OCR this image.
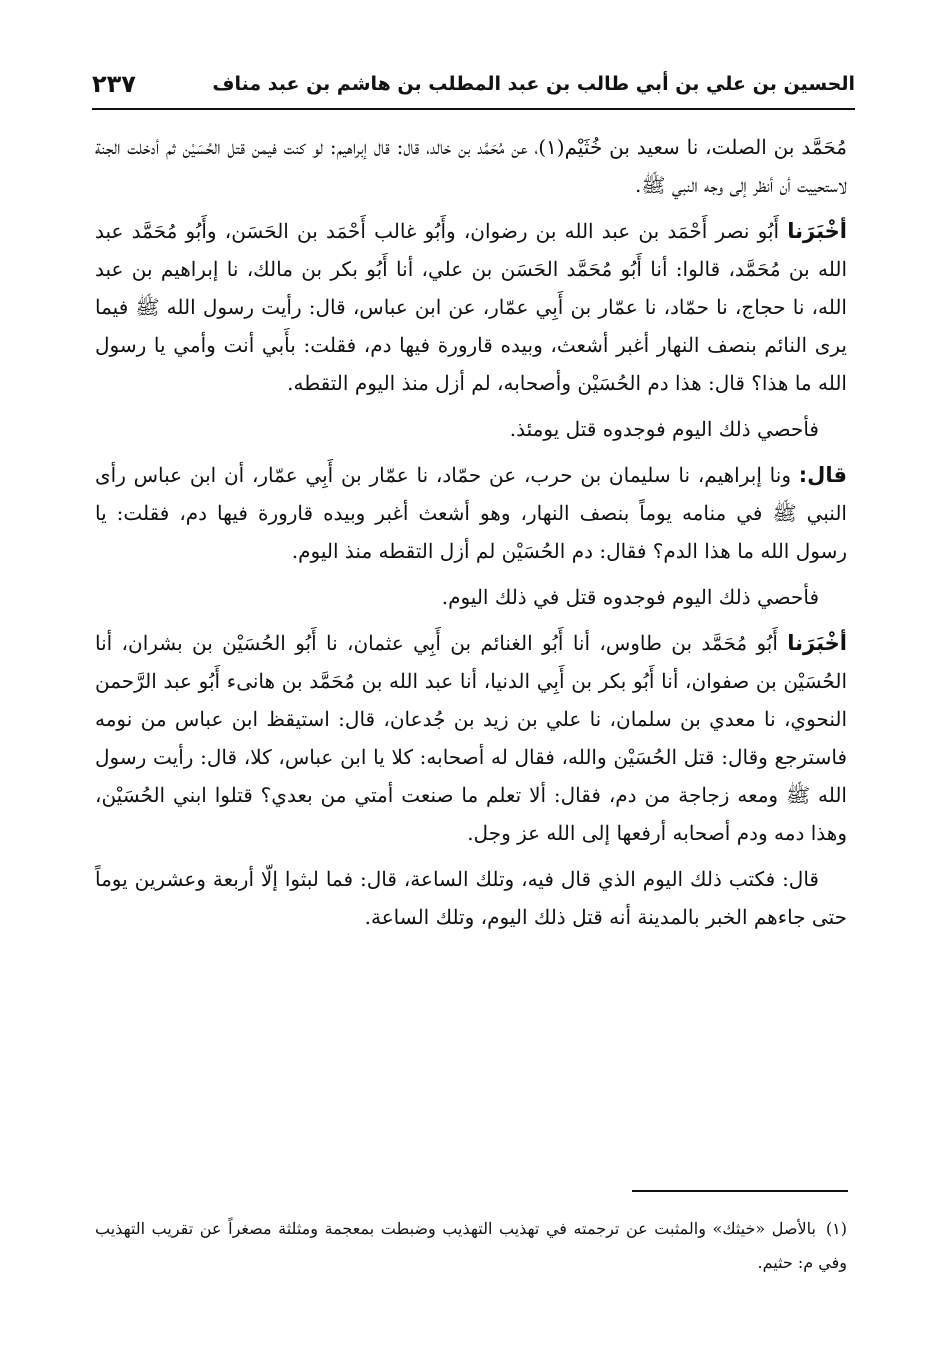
الحسين بن علي بن أبي طالب بن عبد المطلب بن هاشم بن عبد مناف
٢٣٧

مُحَمَّد بن الصلت، نا سعيد بن خُثَيْم(١)، عن مُحَمَّد بن خالد، قال: قال إبراهيم: لو كنت فيمن قتل الحُسَيْن ثم أدخلت الجنة لاستحييت أن أنظر إلى وجه النبي ﷺ.

أخْبَرَنا أَبُو نصر أَحْمَد بن عبد الله بن رضوان، وأَبُو غالب أَحْمَد بن الحَسَن، وأَبُو مُحَمَّد عبد الله بن مُحَمَّد، قالوا: أنا أَبُو مُحَمَّد الحَسَن بن علي، أنا أَبُو بكر بن مالك، نا إبراهيم بن عبد الله، نا حجاج، نا حمّاد، نا عمّار بن أَبِي عمّار، عن ابن عباس، قال: رأيت رسول الله ﷺ فيما يرى النائم بنصف النهار أغبر أشعث، وبيده قارورة فيها دم، فقلت: بأَبي أنت وأمي يا رسول الله ما هذا؟ قال: هذا دم الحُسَيْن وأصحابه، لم أزل منذ اليوم التقطه.

فأحصي ذلك اليوم فوجدوه قتل يومئذ.

قال: ونا إبراهيم، نا سليمان بن حرب، عن حمّاد، نا عمّار بن أَبِي عمّار، أن ابن عباس رأى النبي ﷺ في منامه يوماً بنصف النهار، وهو أشعث أغبر وبيده قارورة فيها دم، فقلت: يا رسول الله ما هذا الدم؟ فقال: دم الحُسَيْن لم أزل التقطه منذ اليوم.

فأحصي ذلك اليوم فوجدوه قتل في ذلك اليوم.

أخْبَرَنا أَبُو مُحَمَّد بن طاوس، أنا أَبُو الغنائم بن أَبِي عثمان، نا أَبُو الحُسَيْن بن بشران، أنا الحُسَيْن بن صفوان، أنا أَبُو بكر بن أَبِي الدنيا، أنا عبد الله بن مُحَمَّد بن هانىء أَبُو عبد الرَّحمن النحوي، نا معدي بن سلمان، نا علي بن زيد بن جُدعان، قال: استيقظ ابن عباس من نومه فاسترجع وقال: قتل الحُسَيْن والله، فقال له أصحابه: كلا يا ابن عباس، كلا، قال: رأيت رسول الله ﷺ ومعه زجاجة من دم، فقال: ألا تعلم ما صنعت أمتي من بعدي؟ قتلوا ابني الحُسَيْن، وهذا دمه ودم أصحابه أرفعها إلى الله عز وجل.

قال: فكتب ذلك اليوم الذي قال فيه، وتلك الساعة، قال: فما لبثوا إلّا أربعة وعشرين يوماً حتى جاءهم الخبر بالمدينة أنه قتل ذلك اليوم، وتلك الساعة.

(١)بالأصل «خيثك» والمثبت عن ترجمته في تهذيب التهذيب وضبطت بمعجمة ومثلثة مصغراً عن تقريب التهذيب وفي م: حثيم.
